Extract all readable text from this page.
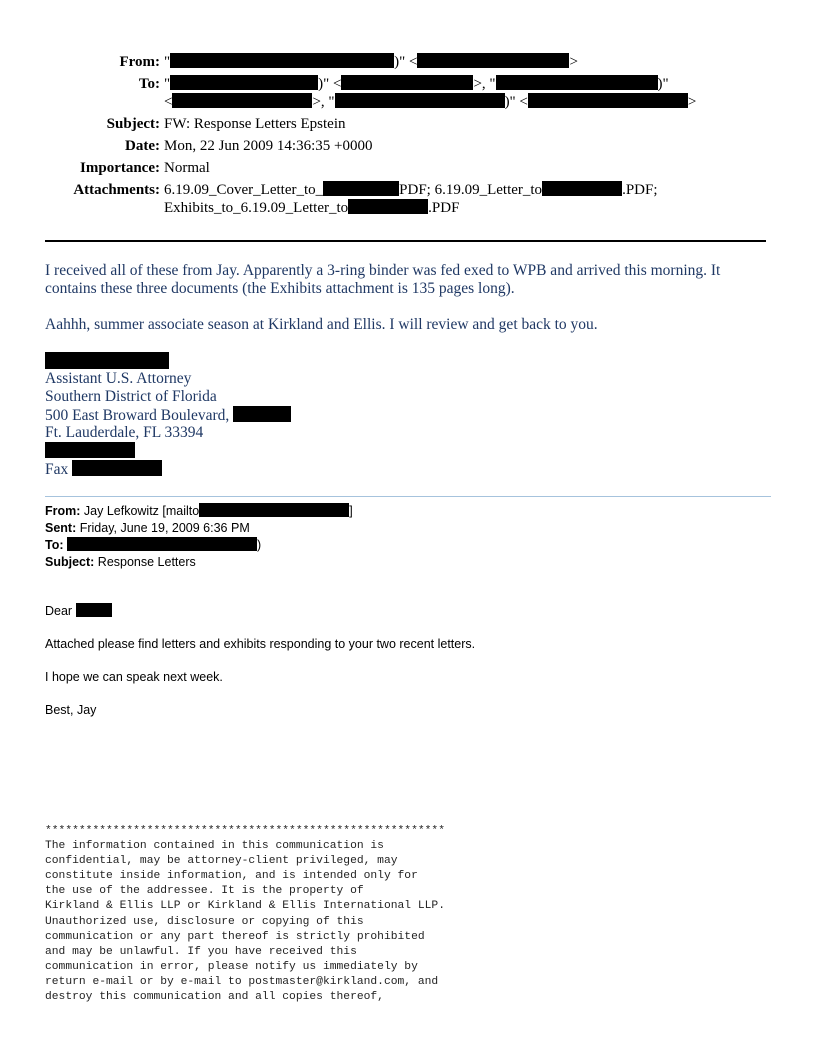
From: "	)" <	>
To: "	)" <	>, "	)"
<	>, "	)" <	>
Subject: FW: Response Letters Epstein
Date: Mon, 22 Jun 2009 14:36:35 +0000
Importance: Normal
Attachments: 6.19.09_Cover_Letter_to_	PDF; 6.19.09_Letter_to	.PDF;
Exhibits_to_6.19.09_Letter_to	.PDF

I received all of these from Jay. Apparently a 3-ring binder was fed exed to WPB and arrived this morning. It contains these three documents (the Exhibits attachment is 135 pages long).

Aahhh, summer associate season at Kirkland and Ellis. I will review and get back to you.

Assistant U.S. Attorney
Southern District of Florida
500 East Broward Boulevard,
Ft. Lauderdale, FL 33394
Fax
From: Jay Lefkowitz [mailto	]
Sent: Friday, June 19, 2009 6:36 PM
To:	)
Subject: Response Letters

Dear

Attached please find letters and exhibits responding to your two recent letters.

I hope we can speak next week.

Best, Jay

***********************************************************
The information contained in this communication is
confidential, may be attorney-client privileged, may
constitute inside information, and is intended only for
the use of the addressee. It is the property of
Kirkland & Ellis LLP or Kirkland & Ellis International LLP.
Unauthorized use, disclosure or copying of this
communication or any part thereof is strictly prohibited
and may be unlawful. If you have received this
communication in error, please notify us immediately by
return e-mail or by e-mail to postmaster@kirkland.com, and
destroy this communication and all copies thereof,
